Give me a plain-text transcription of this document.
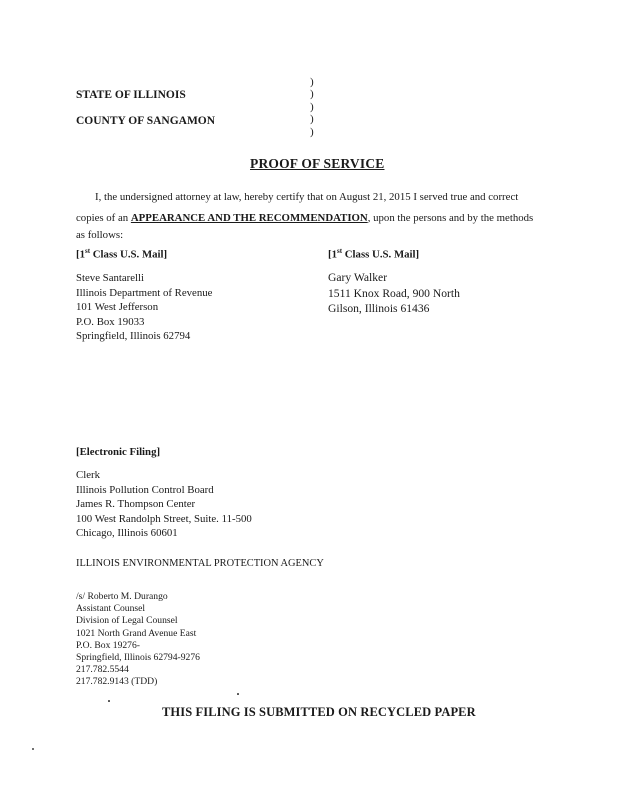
STATE OF ILLINOIS
COUNTY OF SANGAMON
)
)
)
)
)
PROOF OF SERVICE
I, the undersigned attorney at law, hereby certify that on August 21, 2015 I served true and correct
copies of an APPEARANCE AND THE RECOMMENDATION, upon the persons and by the methods
as follows:
[1st Class U.S. Mail]
Steve Santarelli
Illinois Department of Revenue
101 West Jefferson
P.O. Box 19033
Springfield, Illinois 62794
[1st Class U.S. Mail]
Gary Walker
1511 Knox Road, 900 North
Gilson, Illinois 61436
[Electronic Filing]
Clerk
Illinois Pollution Control Board
James R. Thompson Center
100 West Randolph Street, Suite. 11-500
Chicago, Illinois 60601
ILLINOIS ENVIRONMENTAL PROTECTION AGENCY
/s/ Roberto M. Durango
Assistant Counsel
Division of Legal Counsel
1021 North Grand Avenue East
P.O. Box 19276-
Springfield, Illinois 62794-9276
217.782.5544
217.782.9143 (TDD)
THIS FILING IS SUBMITTED ON RECYCLED PAPER
